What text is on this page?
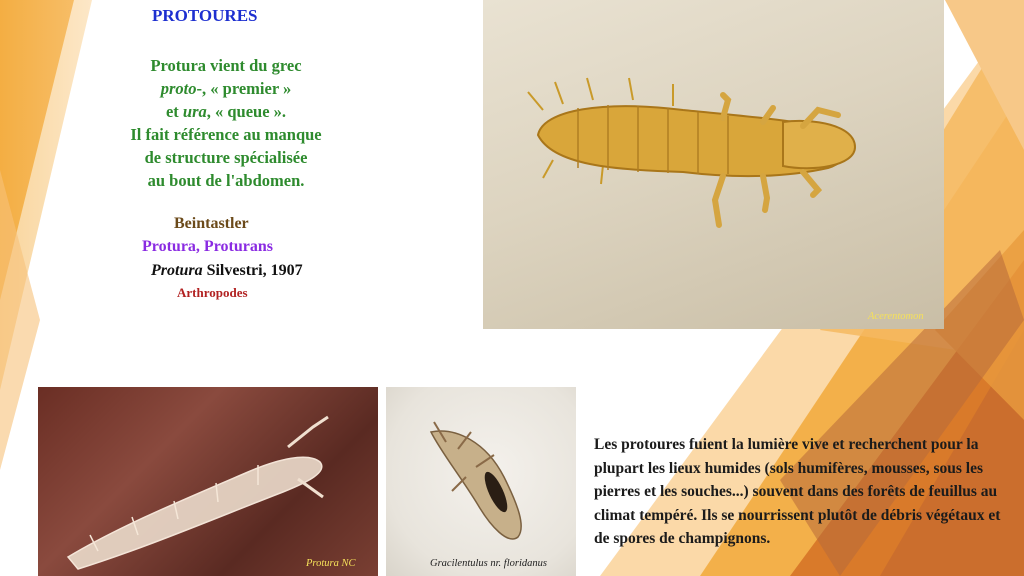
PROTOURES
Protura vient du grec
proto-, « premier »
et ura, « queue ».
Il fait référence au manque
de structure spécialisée
au bout de l'abdomen.
Beintastler
Protura, Proturans
Protura Silvestri, 1907
Arthropodes
Acerentomon
Protura NC	Gracilentulus nr. floridanus
Les protoures fuient la lumière vive et recherchent pour la plupart les lieux humides (sols humifères, mousses, sous les pierres et les souches...) souvent dans des forêts de feuillus au climat tempéré. Ils se nourrissent plutôt de débris végétaux et de spores de champignons.
